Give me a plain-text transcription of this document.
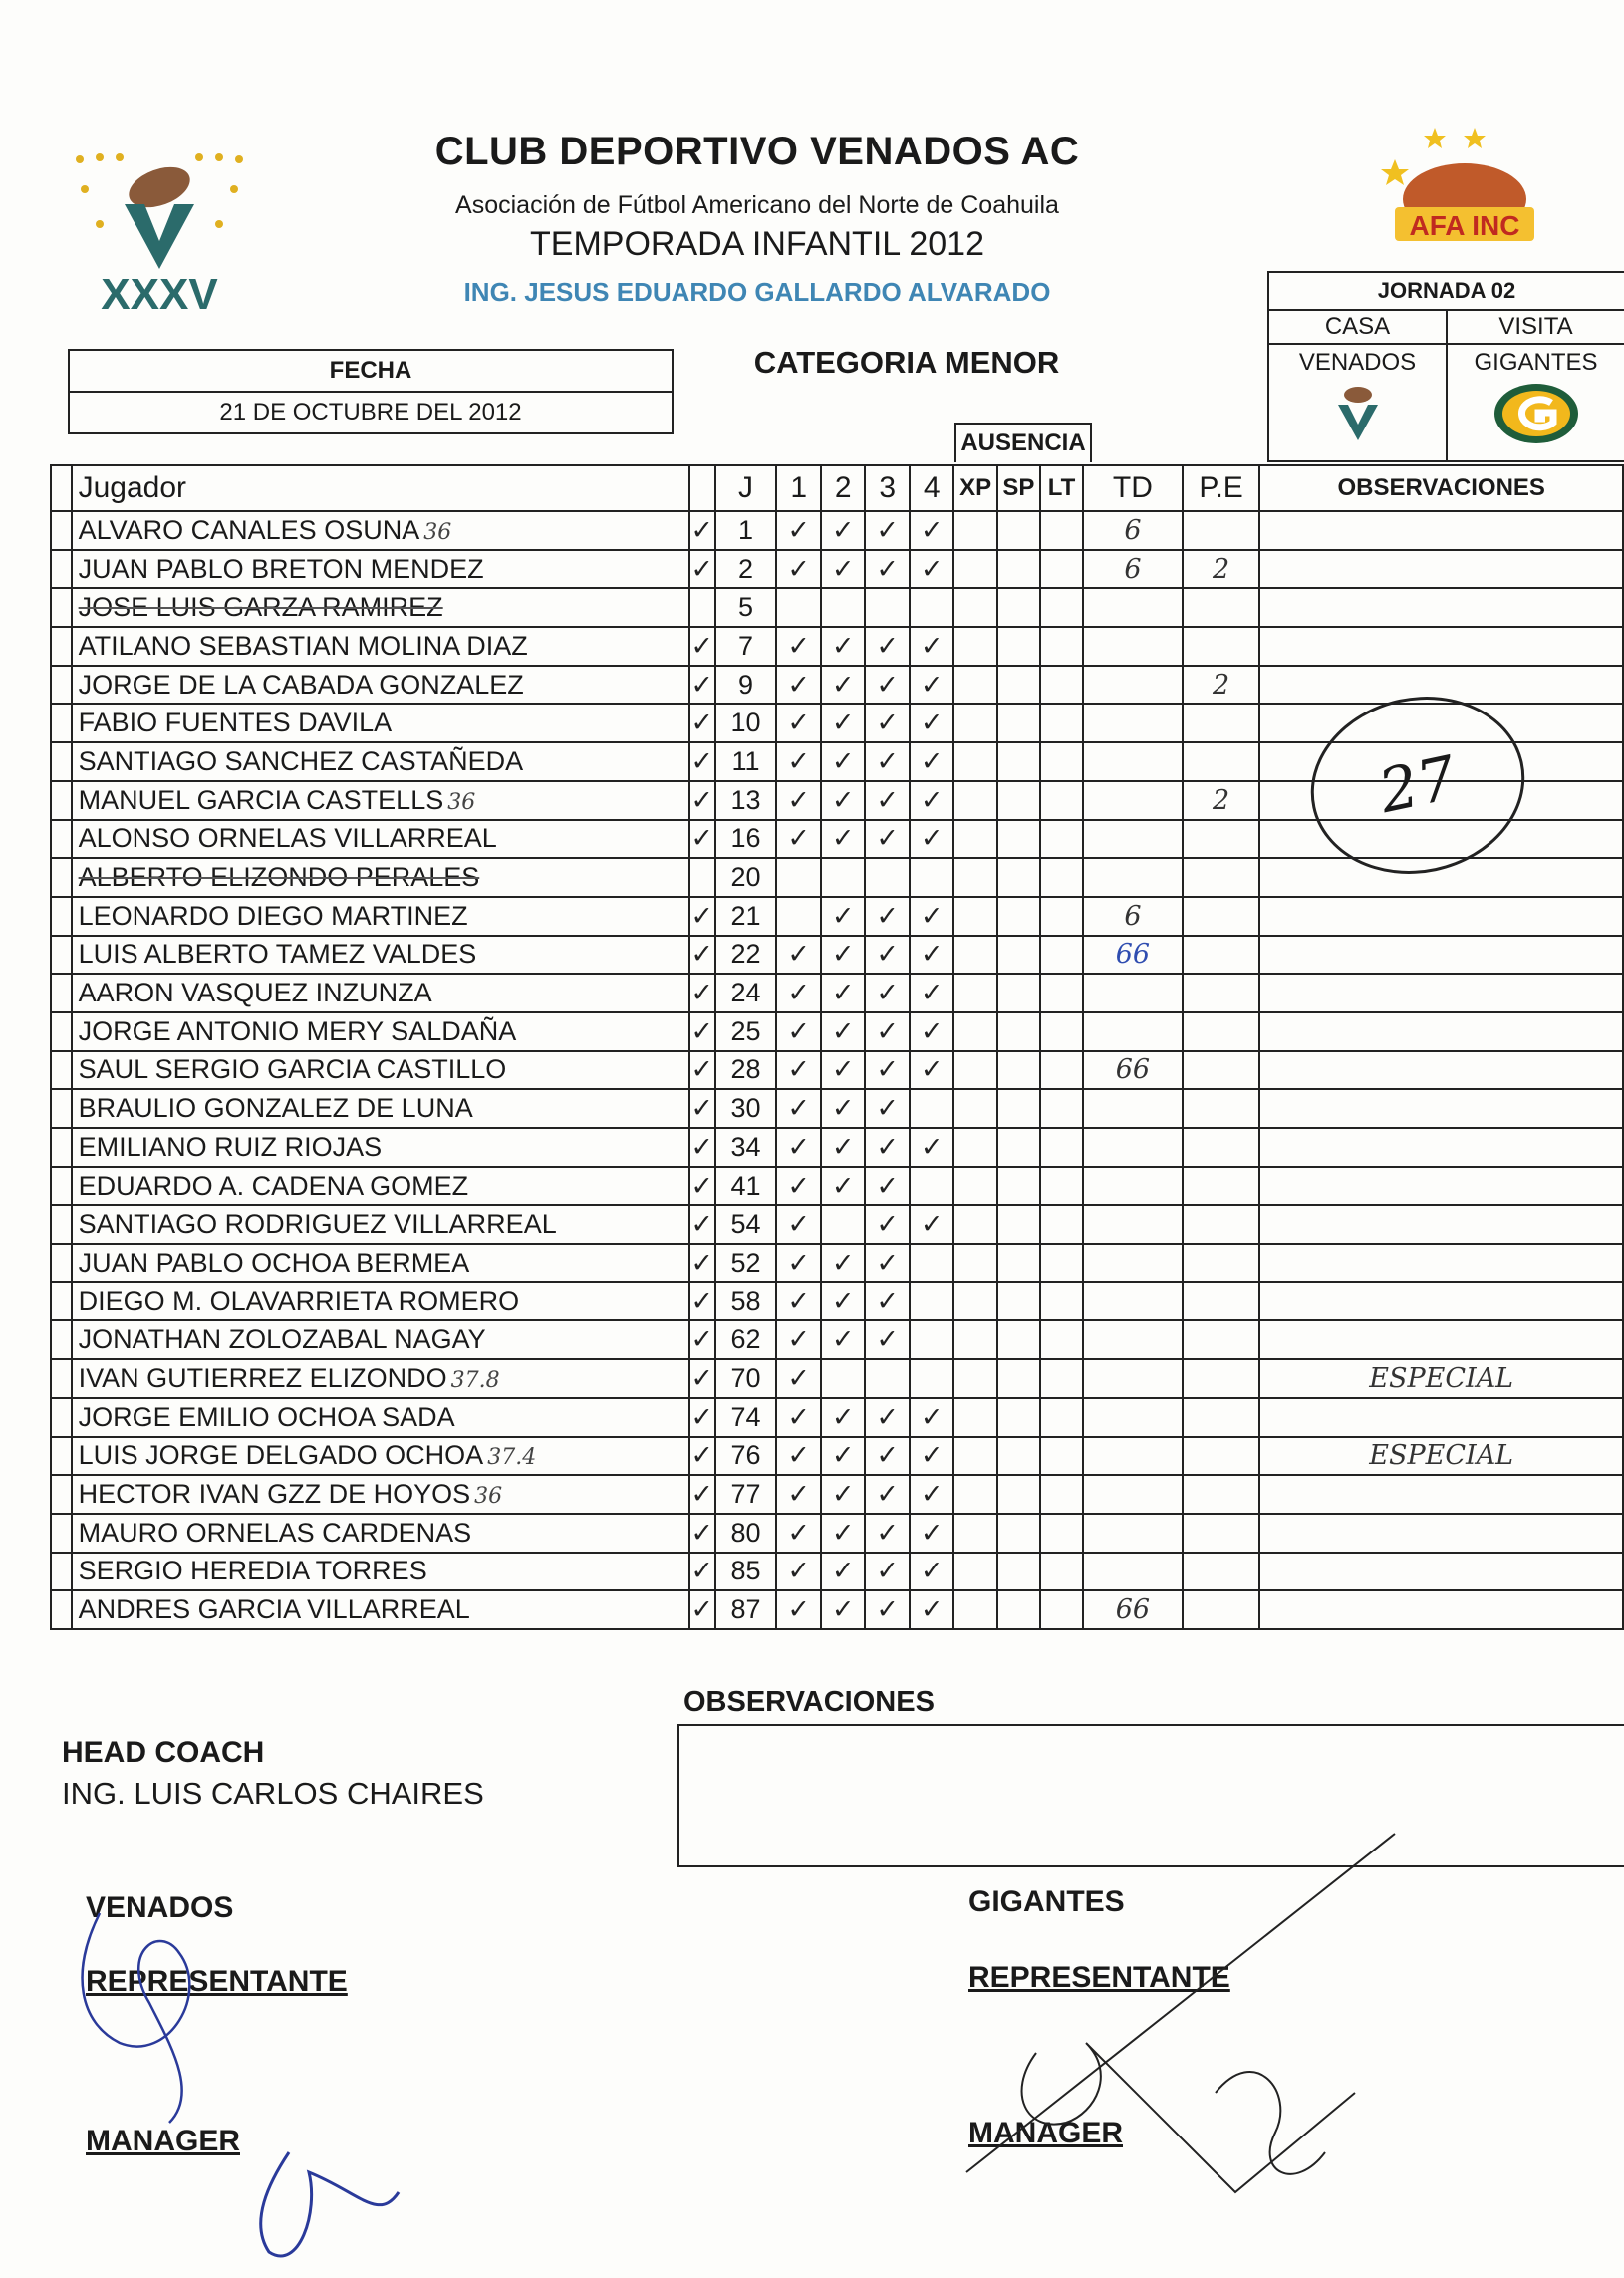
XXXV
AFA INC
CLUB DEPORTIVO VENADOS AC
Asociación de Fútbol Americano del Norte de Coahuila
TEMPORADA INFANTIL 2012
ING. JESUS EDUARDO GALLARDO ALVARADO
FECHA
21 DE OCTUBRE DEL 2012
CATEGORIA MENOR
JORNADA 02
CASA
VENADOS
VISITA
GIGANTES
AUSENCIA
	Jugador		J	1	2	3	4	XP	SP	LT	TD	P.E	OBSERVACIONES
	ALVARO CANALES OSUNA 36	✓	1	✓	✓	✓	✓				6		
	JUAN PABLO BRETON MENDEZ	✓	2	✓	✓	✓	✓				6	2	
	JOSE LUIS GARZA RAMIREZ		5										
	ATILANO SEBASTIAN MOLINA DIAZ	✓	7	✓	✓	✓	✓						
	JORGE DE LA CABADA GONZALEZ	✓	9	✓	✓	✓	✓					2	
	FABIO FUENTES DAVILA	✓	10	✓	✓	✓	✓						
	SANTIAGO SANCHEZ CASTAÑEDA	✓	11	✓	✓	✓	✓						
	MANUEL GARCIA CASTELLS 36	✓	13	✓	✓	✓	✓					2	
	ALONSO ORNELAS VILLARREAL	✓	16	✓	✓	✓	✓						
	ALBERTO ELIZONDO PERALES		20										
	LEONARDO DIEGO MARTINEZ	✓	21		✓	✓	✓				6		
	LUIS ALBERTO TAMEZ VALDES	✓	22	✓	✓	✓	✓				66		
	AARON VASQUEZ INZUNZA	✓	24	✓	✓	✓	✓						
	JORGE ANTONIO MERY SALDAÑA	✓	25	✓	✓	✓	✓						
	SAUL SERGIO GARCIA CASTILLO	✓	28	✓	✓	✓	✓				66		
	BRAULIO GONZALEZ DE LUNA	✓	30	✓	✓	✓							
	EMILIANO RUIZ RIOJAS	✓	34	✓	✓	✓	✓						
	EDUARDO A. CADENA GOMEZ	✓	41	✓	✓	✓							
	SANTIAGO RODRIGUEZ VILLARREAL	✓	54	✓		✓	✓						
	JUAN PABLO OCHOA BERMEA	✓	52	✓	✓	✓							
	DIEGO M. OLAVARRIETA ROMERO	✓	58	✓	✓	✓							
	JONATHAN ZOLOZABAL NAGAY	✓	62	✓	✓	✓							
	IVAN GUTIERREZ ELIZONDO 37.8	✓	70	✓									ESPECIAL
	JORGE EMILIO OCHOA SADA	✓	74	✓	✓	✓	✓						
	LUIS JORGE DELGADO OCHOA 37.4	✓	76	✓	✓	✓	✓						ESPECIAL
	HECTOR IVAN GZZ DE HOYOS 36	✓	77	✓	✓	✓	✓						
	MAURO ORNELAS CARDENAS	✓	80	✓	✓	✓	✓						
	SERGIO HEREDIA TORRES	✓	85	✓	✓	✓	✓						
	ANDRES GARCIA VILLARREAL	✓	87	✓	✓	✓	✓				66		
27
OBSERVACIONES
HEAD COACH
ING. LUIS CARLOS CHAIRES
VENADOS
REPRESENTANTE
MANAGER
GIGANTES
REPRESENTANTE
MANAGER
